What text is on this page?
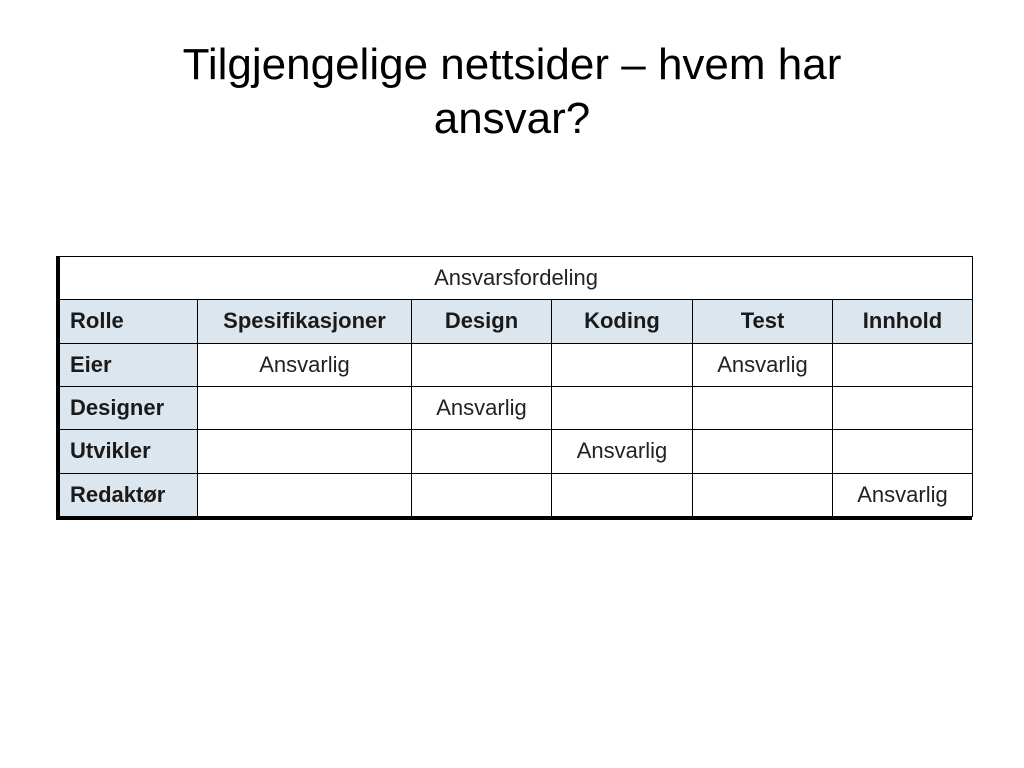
Tilgjengelige nettsider – hvem har
ansvar?
Ansvarsfordeling					
Rolle	Spesifikasjoner	Design	Koding	Test	Innhold
Eier	Ansvarlig			Ansvarlig	
Designer		Ansvarlig			
Utvikler			Ansvarlig		
Redaktør					Ansvarlig
